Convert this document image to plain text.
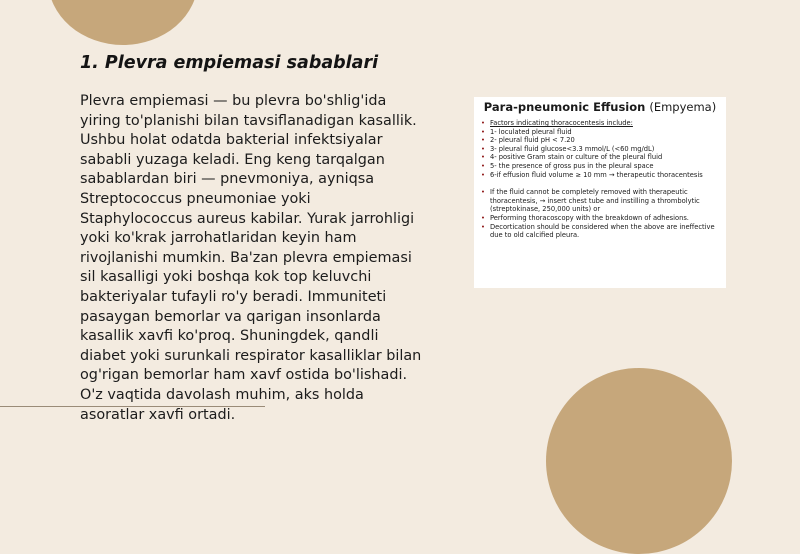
1. Plevra empiemasi sabablari

Plevra empiemasi — bu plevra bo'shlig'ida yiring to'planishi bilan tavsiflanadigan kasallik. Ushbu holat odatda bakterial infektsiyalar sababli yuzaga keladi. Eng keng tarqalgan sabablardan biri — pnevmoniya, ayniqsa Streptococcus pneumoniae yoki Staphylococcus aureus kabilar. Yurak jarrohligi yoki ko'krak jarrohatlaridan keyin ham rivojlanishi mumkin. Ba'zan plevra empiemasi sil kasalligi yoki boshqa kok top keluvchi bakteriyalar tufayli ro'y beradi. Immuniteti pasaygan bemorlar va qarigan insonlarda kasallik xavfi ko'proq. Shuningdek, qandli diabet yoki surunkali respirator kasalliklar bilan og'rigan bemorlar ham xavf ostida bo'lishadi. O'z vaqtida davolash muhim, aks holda asoratlar xavfi ortadi.

Para-pneumonic Effusion (Empyema)
• Factors indicating thoracocentesis include:
• 1- loculated pleural fluid
• 2- pleural fluid pH < 7.20
• 3- pleural fluid glucose<3.3 mmol/L (<60 mg/dL)
• 4- positive Gram stain or culture of the pleural fluid
• 5- the presence of gross pus in the pleural space
• 6-if effusion fluid volume ≥ 10 mm → therapeutic thoracentesis
• If the fluid cannot be completely removed with therapeutic thoracentesis, → insert chest tube and instilling a thrombolytic (streptokinase, 250,000 units) or
• Performing thoracoscopy with the breakdown of adhesions.
• Decortication should be considered when the above are ineffective due to old calcified pleura.
